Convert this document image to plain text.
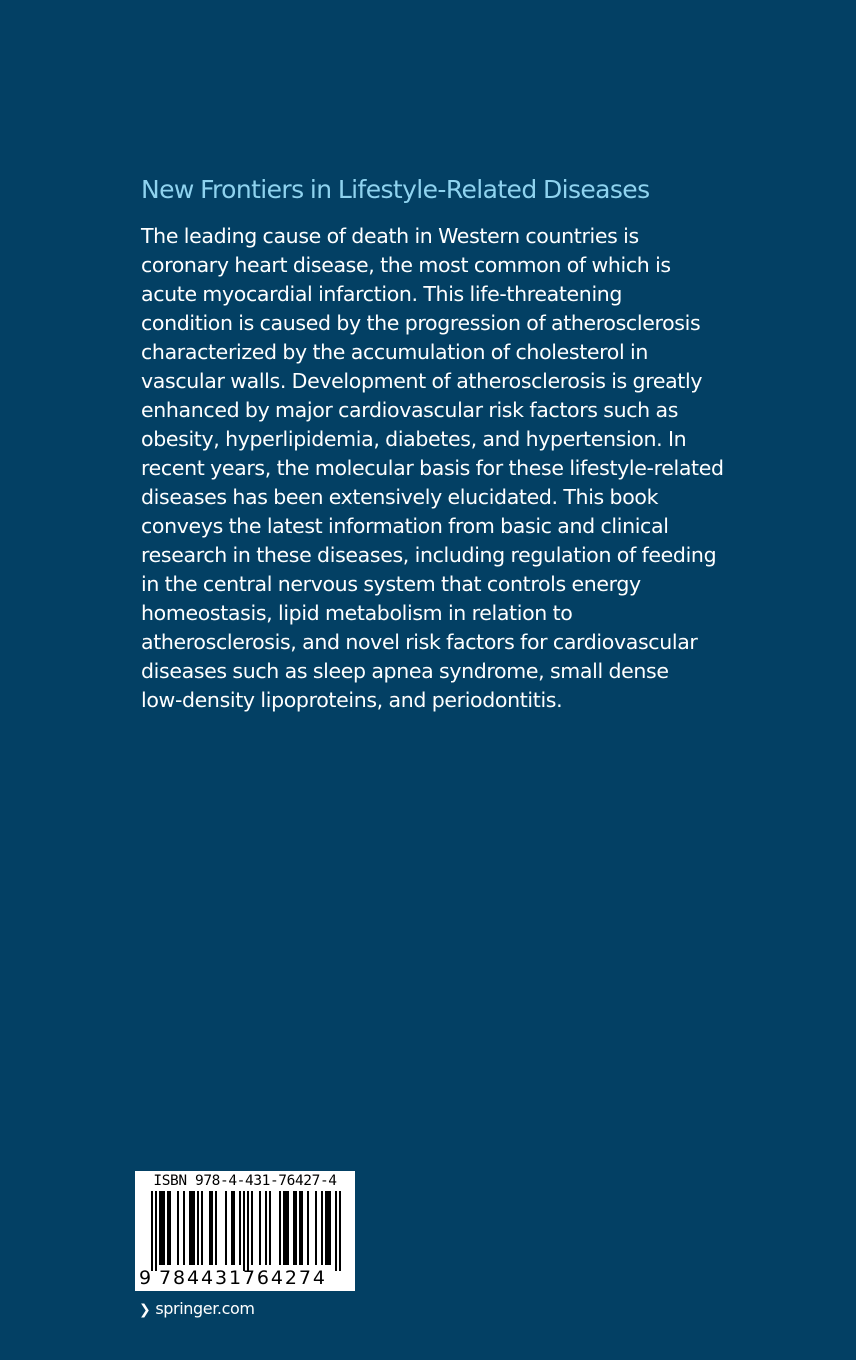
New Frontiers in Lifestyle-Related Diseases
The leading cause of death in Western countries is
coronary heart disease, the most common of which is
acute myocardial infarction. This life-threatening
condition is caused by the progression of atherosclerosis
characterized by the accumulation of cholesterol in
vascular walls. Development of atherosclerosis is greatly
enhanced by major cardiovascular risk factors such as
obesity, hyperlipidemia, diabetes, and hypertension. In
recent years, the molecular basis for these lifestyle-related
diseases has been extensively elucidated. This book
conveys the latest information from basic and clinical
research in these diseases, including regulation of feeding
in the central nervous system that controls energy
homeostasis, lipid metabolism in relation to
atherosclerosis, and novel risk factors for cardiovascular
diseases such as sleep apnea syndrome, small dense
low-density lipoproteins, and periodontitis.
ISBN 978-4-431-76427-4
9 784431764274
❯ springer.com
